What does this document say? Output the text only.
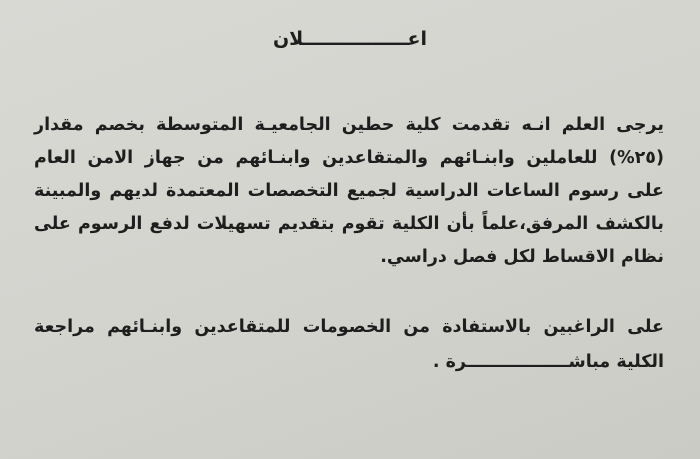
اعــــــــــــــــلان
يرجى العلم انـه تقدمت كلية حطين الجامعيـة المتوسطة بخصم مقدار
(٢٥%) للعاملين وابنـائهم والمتقاعدين وابنـائهم من جهاز الامن العام
على رسوم الساعات الدراسية لجميع التخصصات المعتمدة لديهم والمبينة
بالكشف المرفق،علماً بأن الكلية تقوم بتقديم تسهيلات لدفع الرسوم على
نظام الاقساط لكل فصل دراسي.
على الراغبين بالاستفادة من الخصومات للمتقاعدين وابنـائهم مراجعة
الكلية مباشـــــــــــــــــرة .
